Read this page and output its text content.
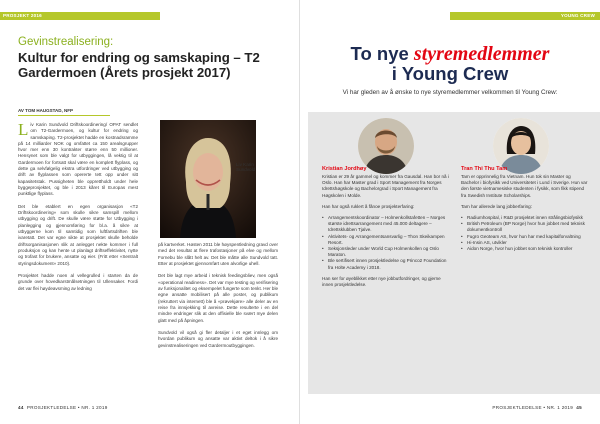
PROSJEKT 2016
Gevinstrealisering:
Kultur for endring og samskaping – T2 Gardermoen (Årets prosjekt 2017)
AV TOM HAUGSTAD, NFP

Liv Karin Sundvold Driftskoordinering/ OPAT sendlet om T2-Gardermoen, og kultur for endring og samskaping. T2-prosjektet hadde en kostnadsramme på 14 milliarder NOK og omfattet ca 150 arealsgrupper hvor mer enn 30 kontrakter større enn 50 millioner. Hensynet som ble valgt for utbyggingen, lå vektig til at Gardermoen for fortsatt skal være en komplett flyplass, og dette ga selvfølgelig ekstra utfordringer ved utbygging og drift av flyplassen som opererte tett opp under sitt kapasitetstak. Pussigheten ble opprettholdt under hele byggeprosjektet, og ble i 2013 kåret til Europas mest punktlige flyplass.

Det ble etablert en egen organisasjon «T2 Driftskoordinering» som skulle sikre samspill mellom utbygging og drift. De skulle være støtte for Utbygging i planlegging og gjennomføring for bl.a. å sikre at utbyggerne kom til samtidig som luftfartsdriften ble ivaretatt. Det var egne sikte at prosjektet skulle beholde driftsorganisasjonen slik at anlegget nekte kommer i full produksjon og kan hente ut planlagt driftseffektivitet, nytte og trofast for brukere, ansatte og eier. (Fritt etter «Sentralt styringsdokument» 2010).

Prosjektet hadde noen al vellegrulled i starten da de grunde over hovedkarstmålsetningen til Ullensaker. Fordi det var flei høydeavsming av ledning

Liv Karin Sundvold

på kartverket. Høsten 2011 ble høyspentledning gravd over med det resultat at flere trafostasjoner på elve og mellom Fornebu ble slått helt av. Det ble måtte alle Sundvold tatt. Etter at prosjektet gjennomført uten alvorlige uhell.

Det ble lagt mye arbeid i teknisk feedingsbliev, men også «operational readiness». Det var mye testing og verifisering av funksjonalitet og eksempelet fungerte som tenkt. Her ble egne ansatte mobilisert på alle poster, og publikum (rekruttert via internett) ble å «prøvekjøre» alle deler av en reise fra innsjekking til avreise. Dette resulterte i en del mindre endringer slik at den offisielle ble svært mye delen glatt med på åpningen.

Sundvold vil også gi fler detaljer i et eget innlegg om hvordan publikum og ansatte var aktivt deltok i å sikre gevinstrealiseringen ved Gardermoutbyggingen.

44 PROSJEKTLEDELSE • NR. 1 2019
YOUNG CREW
To nye styremedlemmer
i Young Crew
Vi har gleden av å ønske to nye styremedlemmer velkommen til Young Crew:
Kristian Jordhøy

Kristian er 29 år gammel og kommer fra Gausdal. Han bor nå i Oslo. Han har Master grad i Sport Management fra Norges Idrettshøgskole og Bachelorgrad i Sport Management fra Høgskolen i Molde.

Han har også ruklert å fånoe prosjekterfaring:

• Arrangementskoordinator – Holmenkollstafetten – Norges største idrettsarrangement med 45.000 deltagere – Idrettsklubben Tjalve.
• Aktivitets- og Arrangementsansvarlig – Thon Skeikampen Resort.
• Seksjonsleder under World Cup Holmenkollen og Oslo Maraton.
• Ble sertifisert innen prosjektledelse og Princo2 Foundation fra Holte Academy i 2018.

Han ser for øyeblikket etter nye jobbutfordringer, og gjerne innen prosjektledelse.

Tran Thi Thu Tam

Tam er opprinnelig fra Vietnam. Hun tok sin Master og Bachelor i biofysikk ved Universitetet i Lund i Sverige. Hun var den første vietnamesiske studenten i fysikk, som fikk stipend fra Swedish Institute Scholarships.

Tam har allerede lang jobberfaring:

• Radiumhospital, i R&D prosjektet innen strålingsbiofysikk
• British Petroleum (BP Norge) hvor hun jobbet med teknisk dokumentkontroll
• Fugro Geoteam AS, hvor hun har med kapitalforvaltning
• Hi-Insin AS, utvikler
• Aidon Norge, hvor hun jobbet som teknisk kontroller
PROSJEKTLEDELSE • NR. 1 2019 45
